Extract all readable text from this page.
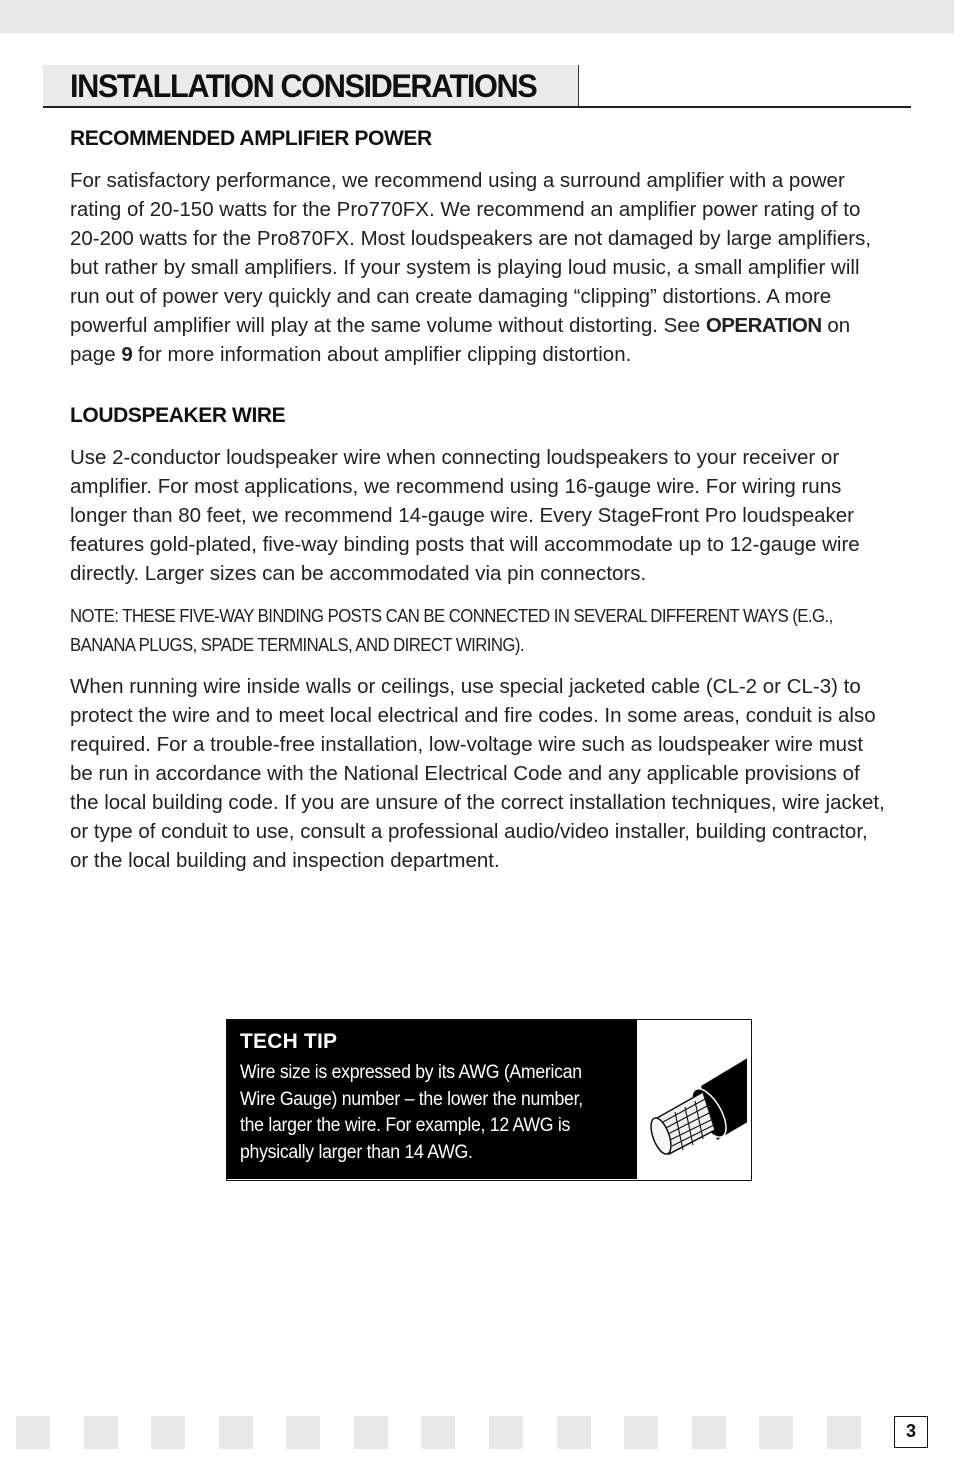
INSTALLATION CONSIDERATIONS
RECOMMENDED AMPLIFIER POWER

For satisfactory performance, we recommend using a surround amplifier with a power rating of 20-150 watts for the Pro770FX. We recommend an amplifier power rating of to 20-200 watts for the Pro870FX. Most loudspeakers are not damaged by large amplifiers, but rather by small amplifiers. If your system is playing loud music, a small amplifier will run out of power very quickly and can create damaging “clipping” distortions. A more powerful amplifier will play at the same volume without distorting. See OPERATION on page 9 for more information about amplifier clipping distortion.

LOUDSPEAKER WIRE

Use 2-conductor loudspeaker wire when connecting loudspeakers to your receiver or amplifier. For most applications, we recommend using 16-gauge wire. For wiring runs longer than 80 feet, we recommend 14-gauge wire. Every StageFront Pro loudspeaker features gold-plated, five-way binding posts that will accommodate up to 12-gauge wire directly. Larger sizes can be accommodated via pin connectors.

NOTE: THESE FIVE-WAY BINDING POSTS CAN BE CONNECTED IN SEVERAL DIFFERENT WAYS (E.G., BANANA PLUGS, SPADE TERMINALS, AND DIRECT WIRING).

When running wire inside walls or ceilings, use special jacketed cable (CL-2 or CL-3) to protect the wire and to meet local electrical and fire codes. In some areas, conduit is also required. For a trouble-free installation, low-voltage wire such as loudspeaker wire must be run in accordance with the National Electrical Code and any applicable provisions of the local building code. If you are unsure of the correct installation techniques, wire jacket, or type of conduit to use, consult a professional audio/video installer, building contractor, or the local building and inspection department.

TECH TIP
Wire size is expressed by its AWG (American Wire Gauge) number – the lower the number, the larger the wire. For example, 12 AWG is physically larger than 14 AWG.
3
